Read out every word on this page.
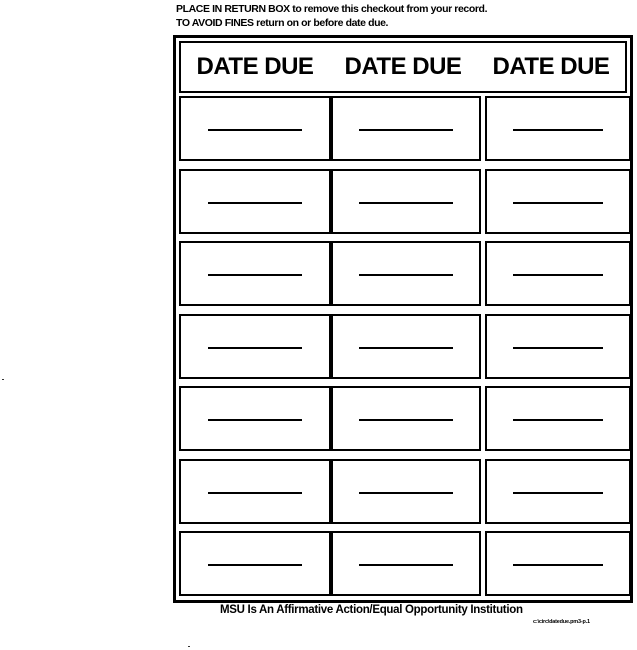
PLACE IN RETURN BOX to remove this checkout from your record.
TO AVOID FINES return on or before date due.
DATE DUE	DATE DUE	DATE DUE
MSU Is An Affirmative Action/Equal Opportunity Institution
c:\circ\datedue.pm3-p.1
